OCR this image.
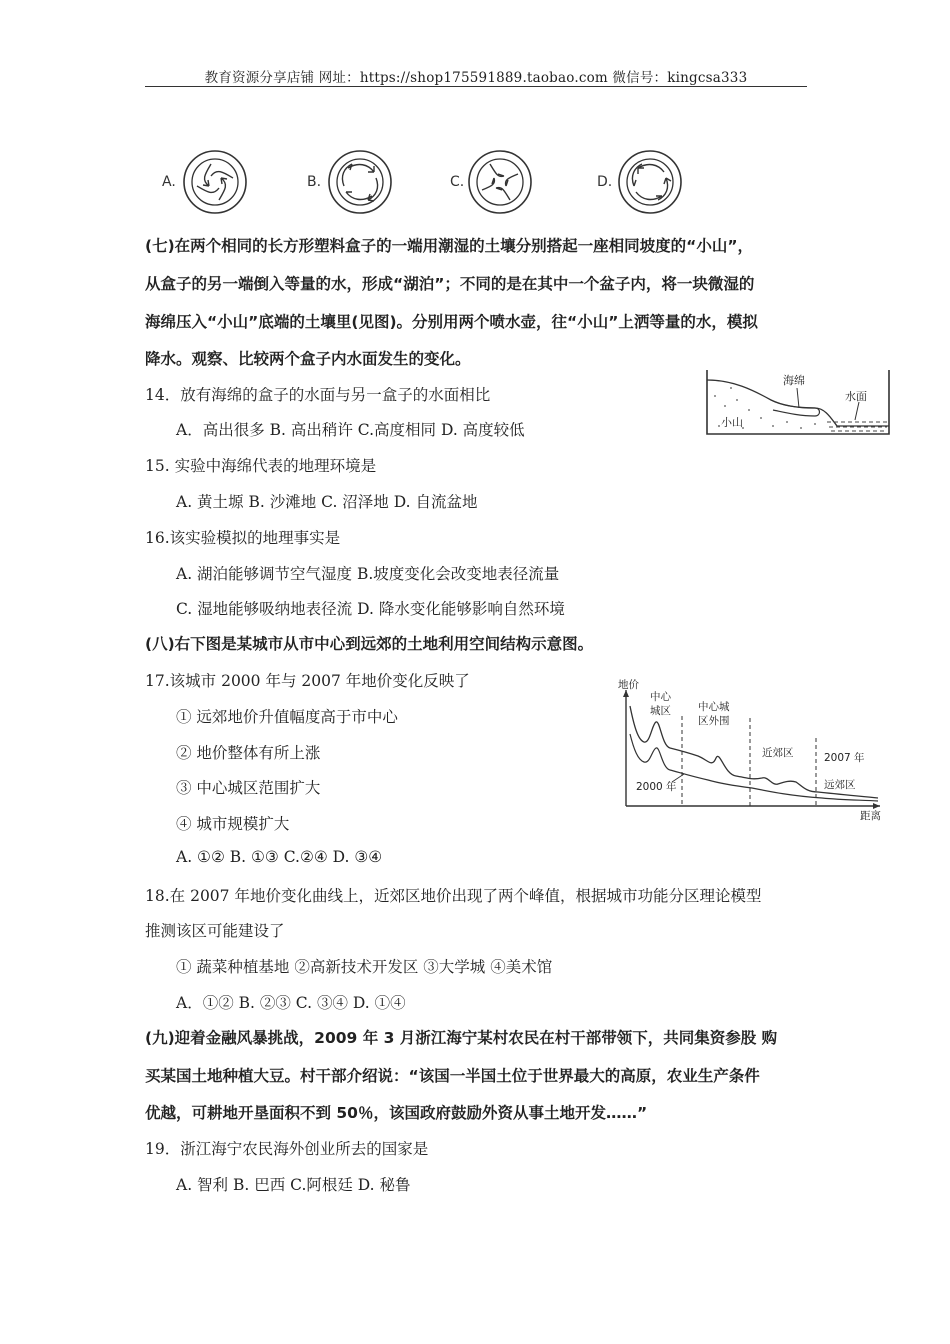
教育资源分享店铺 网址：https://shop175591889.taobao.com 微信号：kingcsa333
A.	B.	C.	D.
(七)在两个相同的长方形塑料盒子的一端用潮湿的土壤分别搭起一座相同坡度的“小山”，
从盒子的另一端倒入等量的水，形成“湖泊”；不同的是在其中一个盆子内，将一块微湿的
海绵压入“小山”底端的土壤里(见图)。分别用两个喷水壶，往“小山”上洒等量的水，模拟
降水。观察、比较两个盒子内水面发生的变化。
海绵
水面
小山
14．放有海绵的盒子的水面与另一盒子的水面相比
A．高出很多 B. 高出稍许 C.高度相同 D. 高度较低
15. 实验中海绵代表的地理环境是
A. 黄土塬 B. 沙滩地 C. 沼泽地 D. 自流盆地
16.该实验模拟的地理事实是
A. 湖泊能够调节空气湿度 B.坡度变化会改变地表径流量
C. 湿地能够吸纳地表径流 D. 降水变化能够影响自然环境
(八)右下图是某城市从市中心到远郊的土地利用空间结构示意图。
17.该城市 2000 年与 2007 年地价变化反映了
① 远郊地价升值幅度高于市中心
② 地价整体有所上涨
③ 中心城区范围扩大
④ 城市规模扩大
A. ①② B. ①③ C.②④ D. ③④
地价
距离
中心
城区	中心城
区外围
近郊区	2007 年
远郊区
2000 年
18.在 2007 年地价变化曲线上，近郊区地价出现了两个峰值，根据城市功能分区理论模型
推测该区可能建设了
① 蔬菜种植基地 ②高新技术开发区 ③大学城 ④美术馆
A．①② B. ②③ C. ③④ D. ①④
(九)迎着金融风暴挑战，2009 年 3 月浙江海宁某村农民在村干部带领下，共同集资参股 购
买某国土地种植大豆。村干部介绍说：“该国一半国土位于世界最大的高原，农业生产条件
优越，可耕地开垦面积不到 50％，该国政府鼓励外资从事土地开发……”
19．浙江海宁农民海外创业所去的国家是
A. 智利 B. 巴西 C.阿根廷 D. 秘鲁
